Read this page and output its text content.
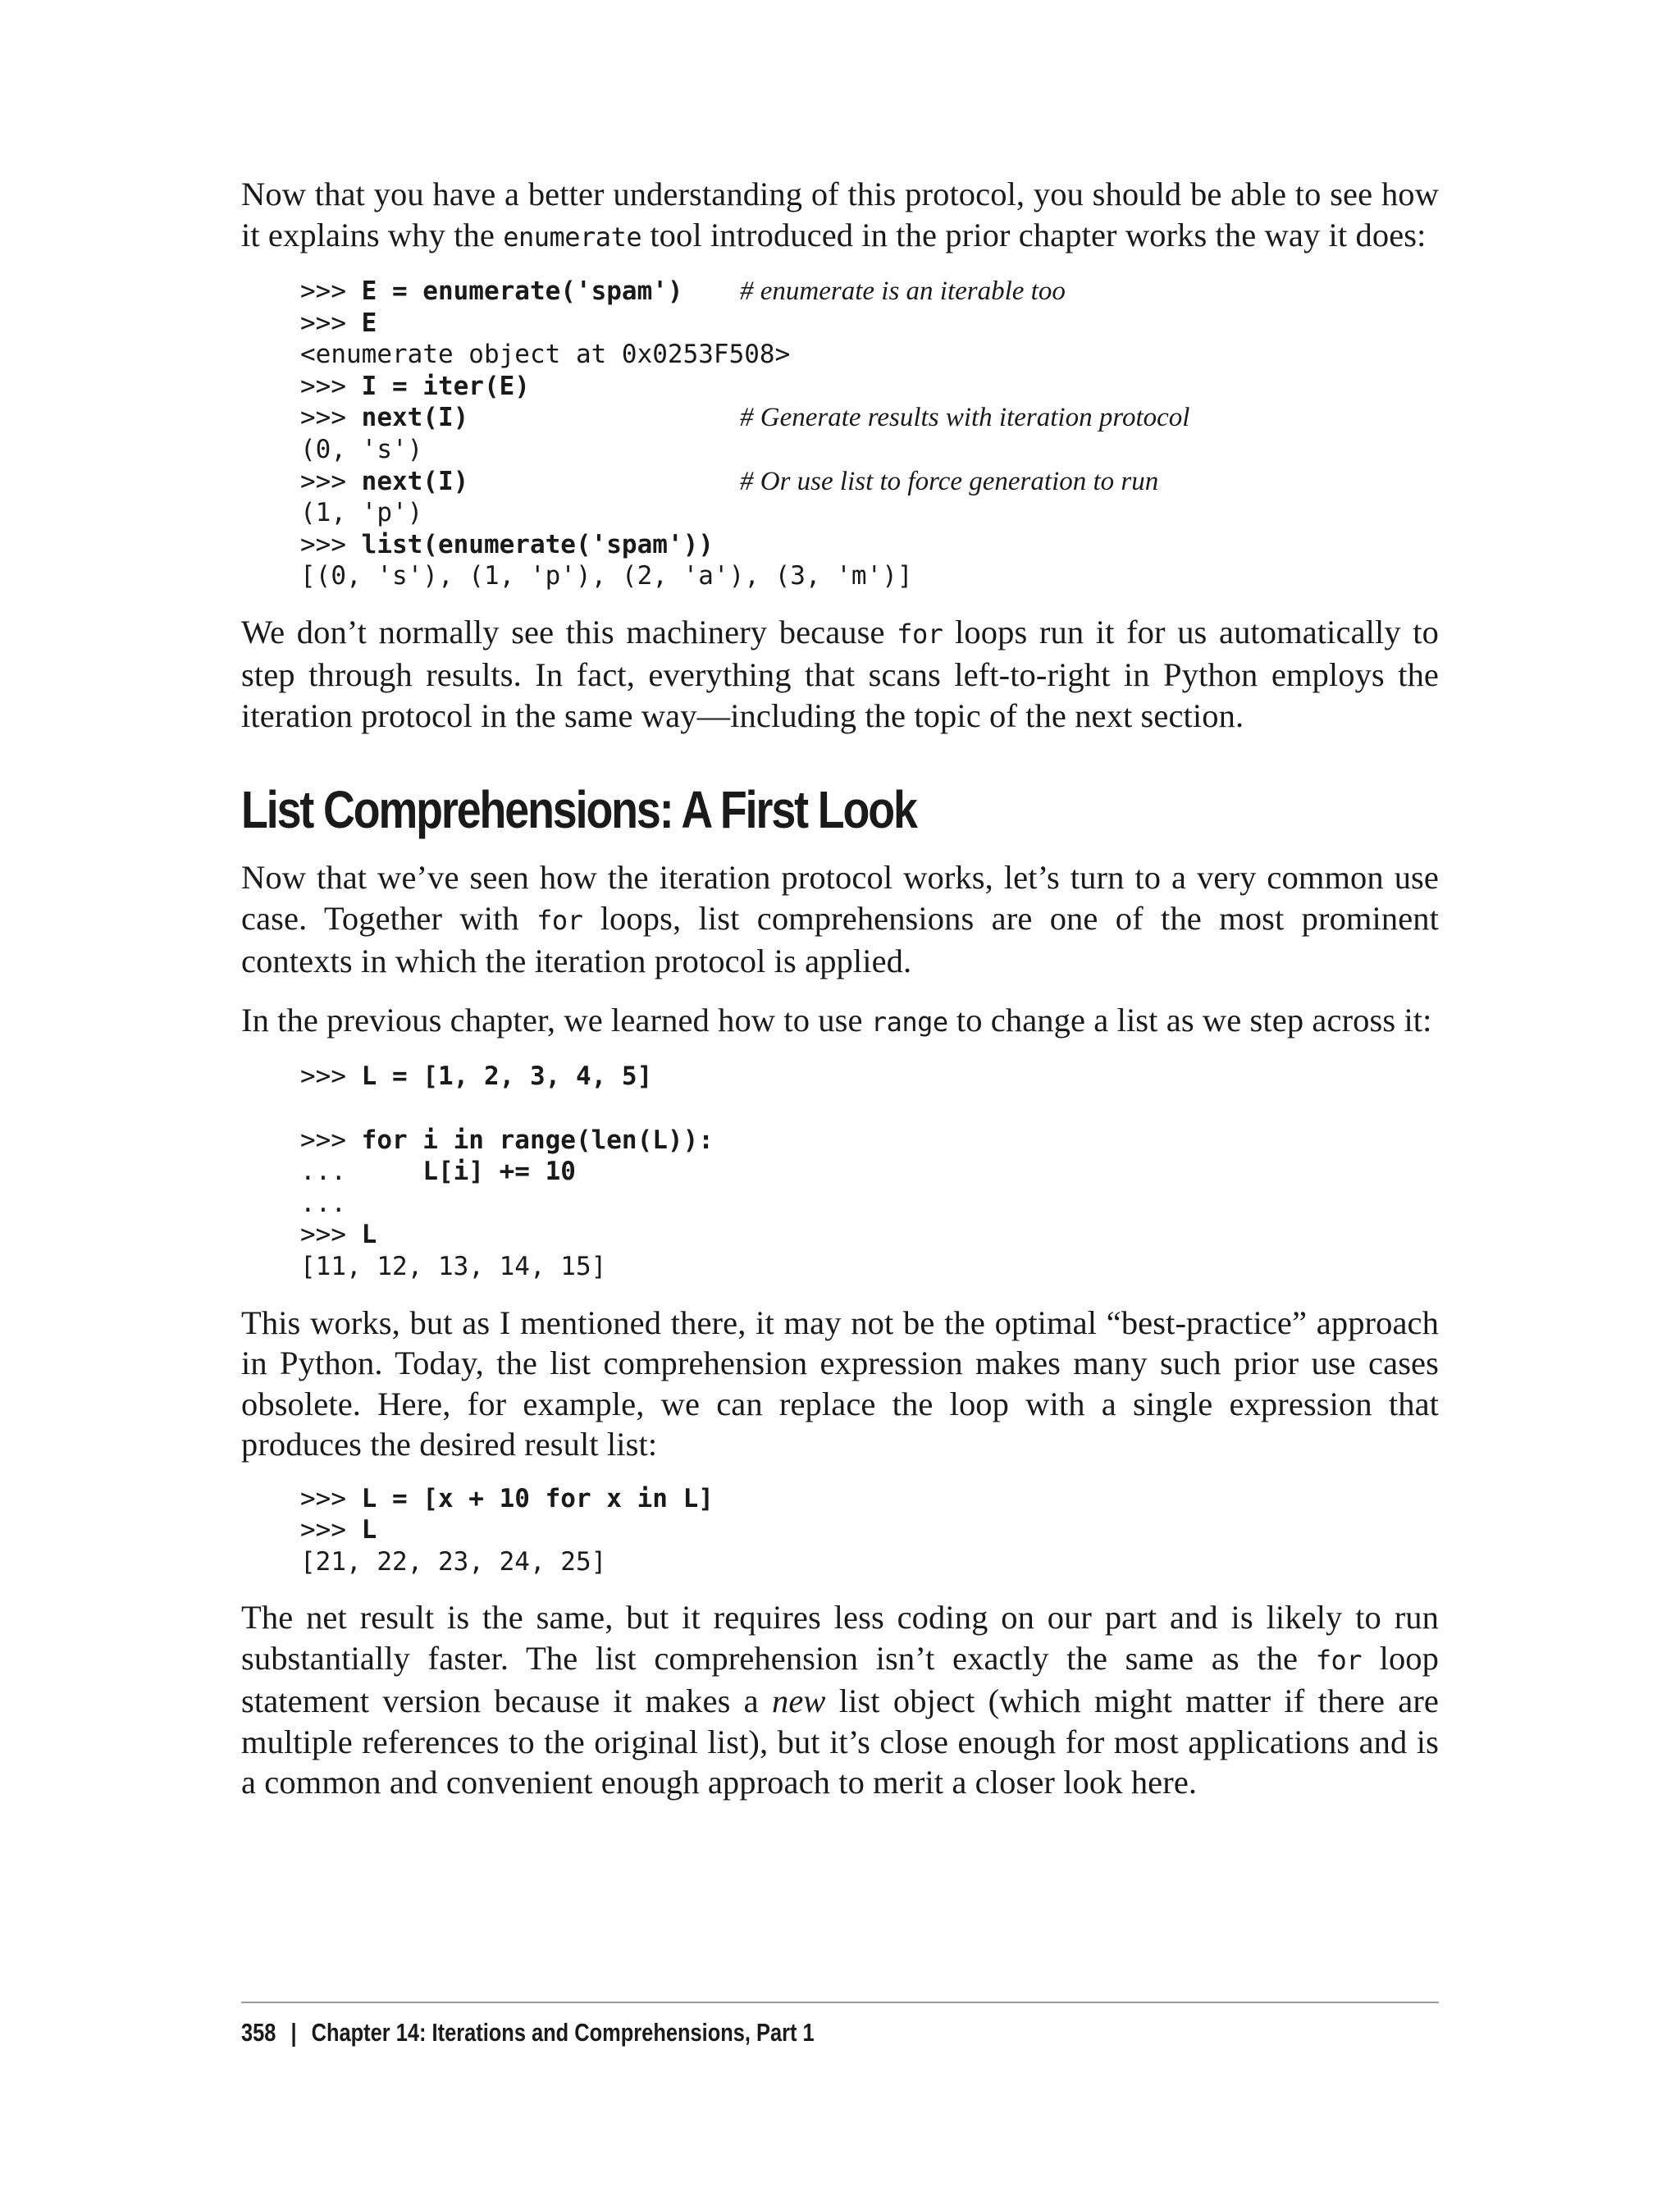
Now that you have a better understanding of this protocol, you should be able to see how it explains why the enumerate tool introduced in the prior chapter works the way it does:

>>> E = enumerate('spam') # enumerate is an iterable too
>>> E
<enumerate object at 0x0253F508>
>>> I = iter(E)
>>> next(I)	# Generate results with iteration protocol
(0, 's')
>>> next(I)	# Or use list to force generation to run
(1, 'p')
>>> list(enumerate('spam'))
[(0, 's'), (1, 'p'), (2, 'a'), (3, 'm')]

We don’t normally see this machinery because for loops run it for us automatically to step through results. In fact, everything that scans left-to-right in Python employs the iteration protocol in the same way—including the topic of the next section.

List Comprehensions: A First Look

Now that we’ve seen how the iteration protocol works, let’s turn to a very common use case. Together with for loops, list comprehensions are one of the most prominent contexts in which the iteration protocol is applied.

In the previous chapter, we learned how to use range to change a list as we step across it:

>>> L = [1, 2, 3, 4, 5]
>>> for i in range(len(L)):
...     L[i] += 10
...
>>> L
[11, 12, 13, 14, 15]

This works, but as I mentioned there, it may not be the optimal “best-practice” approach in Python. Today, the list comprehension expression makes many such prior use cases obsolete. Here, for example, we can replace the loop with a single expression that produces the desired result list:

>>> L = [x + 10 for x in L]
>>> L
[21, 22, 23, 24, 25]

The net result is the same, but it requires less coding on our part and is likely to run substantially faster. The list comprehension isn’t exactly the same as the for loop statement version because it makes a new list object (which might matter if there are multiple references to the original list), but it’s close enough for most applications and is a common and convenient enough approach to merit a closer look here.

358 | Chapter 14: Iterations and Comprehensions, Part 1
